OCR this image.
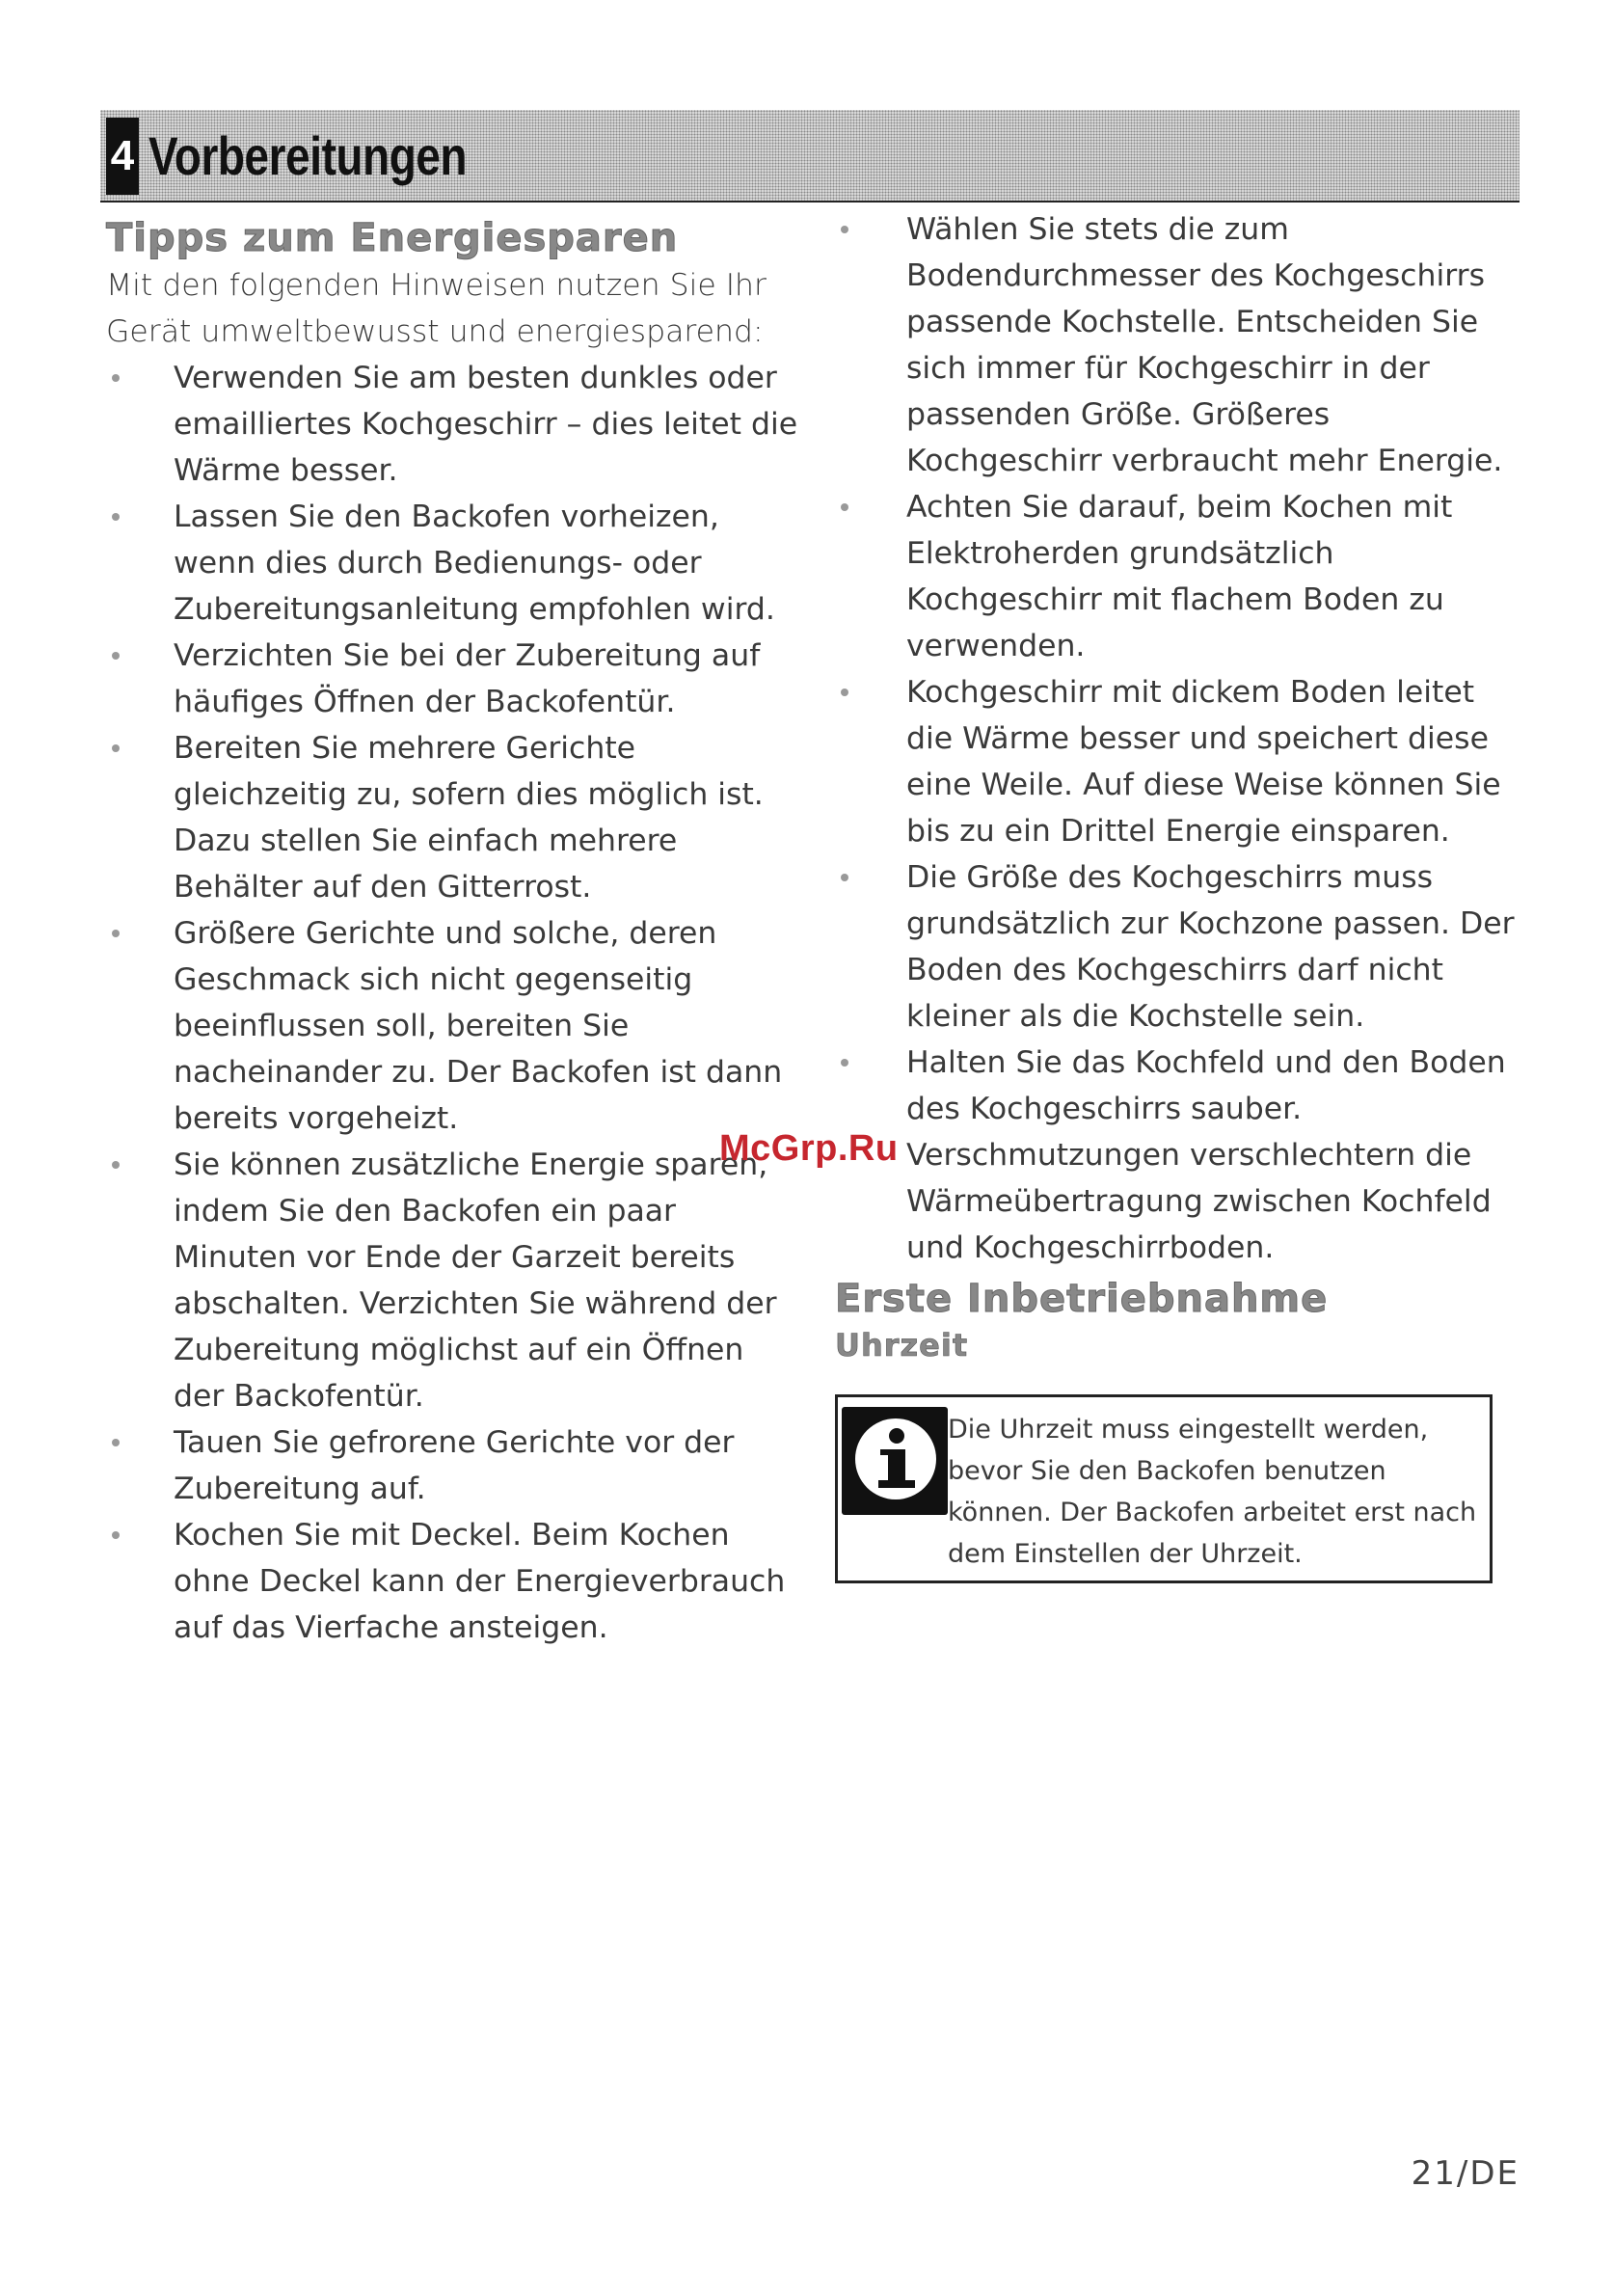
4 Vorbereitungen
Tipps zum Energiesparen

Mit den folgenden Hinweisen nutzen Sie Ihr Gerät umweltbewusst und energiesparend:

Verwenden Sie am besten dunkles oder emailliertes Kochgeschirr – dies leitet die Wärme besser.
Lassen Sie den Backofen vorheizen, wenn dies durch Bedienungs- oder Zubereitungsanleitung empfohlen wird.
Verzichten Sie bei der Zubereitung auf häufiges Öffnen der Backofentür.
Bereiten Sie mehrere Gerichte gleichzeitig zu, sofern dies möglich ist. Dazu stellen Sie einfach mehrere Behälter auf den Gitterrost.
Größere Gerichte und solche, deren Geschmack sich nicht gegenseitig beeinflussen soll, bereiten Sie nacheinander zu. Der Backofen ist dann bereits vorgeheizt.
Sie können zusätzliche Energie sparen, indem Sie den Backofen ein paar Minuten vor Ende der Garzeit bereits abschalten. Verzichten Sie während der Zubereitung möglichst auf ein Öffnen der Backofentür.
Tauen Sie gefrorene Gerichte vor der Zubereitung auf.
Kochen Sie mit Deckel. Beim Kochen ohne Deckel kann der Energieverbrauch auf das Vierfache ansteigen.
Wählen Sie stets die zum Bodendurchmesser des Kochgeschirrs passende Kochstelle. Entscheiden Sie sich immer für Kochgeschirr in der passenden Größe. Größeres Kochgeschirr verbraucht mehr Energie.
Achten Sie darauf, beim Kochen mit Elektroherden grundsätzlich Kochgeschirr mit flachem Boden zu verwenden.
Kochgeschirr mit dickem Boden leitet die Wärme besser und speichert diese eine Weile. Auf diese Weise können Sie bis zu ein Drittel Energie einsparen.
Die Größe des Kochgeschirrs muss grundsätzlich zur Kochzone passen. Der Boden des Kochgeschirrs darf nicht kleiner als die Kochstelle sein.
Halten Sie das Kochfeld und den Boden des Kochgeschirrs sauber. Verschmutzungen verschlechtern die Wärmeübertragung zwischen Kochfeld und Kochgeschirrboden.
Erste Inbetriebnahme
Uhrzeit
Die Uhrzeit muss eingestellt werden, bevor Sie den Backofen benutzen können. Der Backofen arbeitet erst nach dem Einstellen der Uhrzeit.
McGrp.Ru
21/DE
